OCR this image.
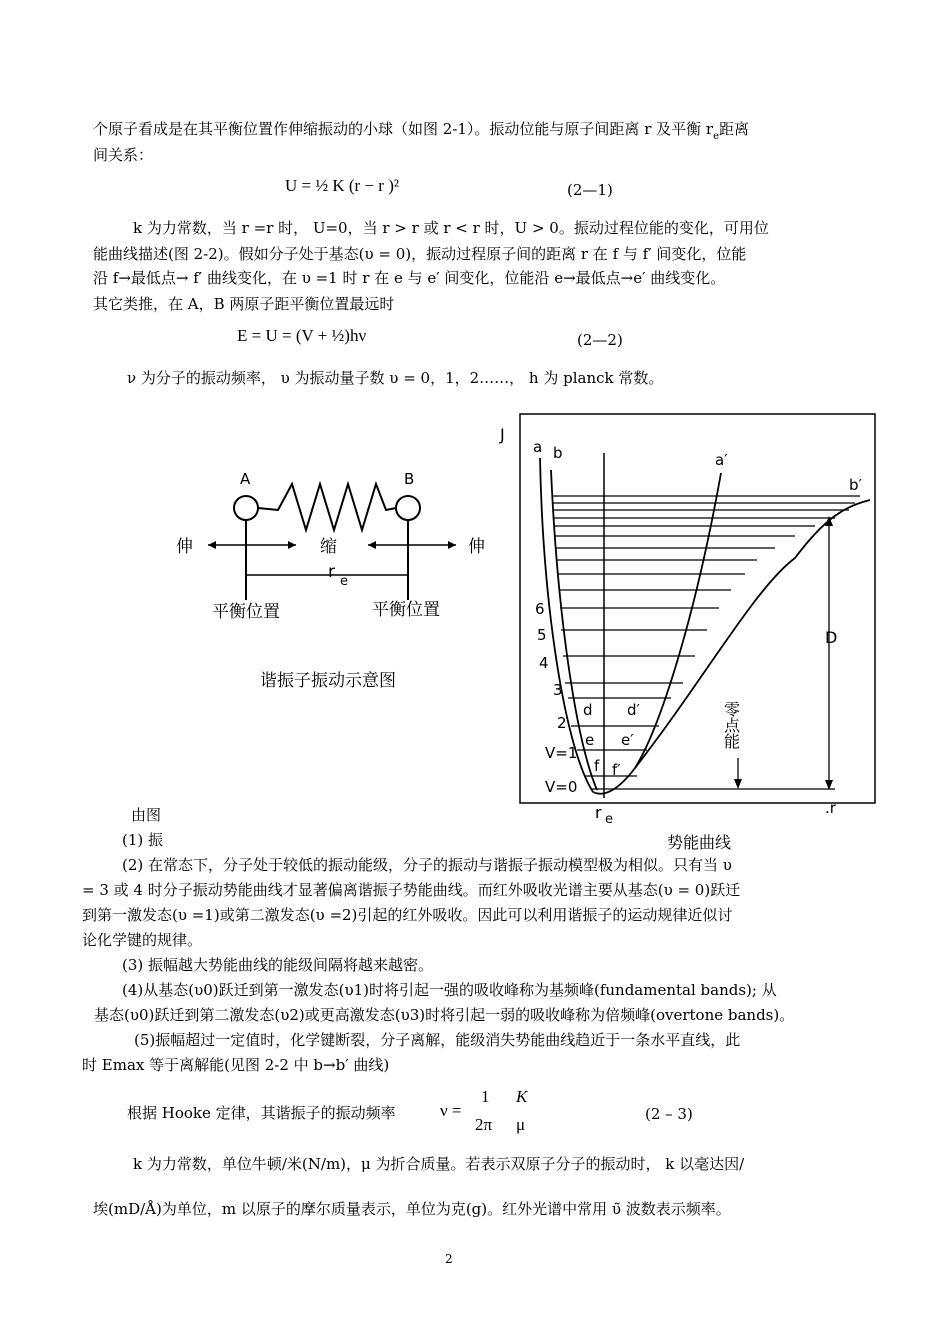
个原子看成是在其平衡位置作伸缩振动的小球（如图 2-1）。振动位能与原子间距离 r 及平衡 $r_e$距离
间关系：
U = ½ K (r − r )²	(2—1)
k 为力常数，当 r =r 时， U=0，当 r > r 或 r < r 时，U > 0。振动过程位能的变化，可用位
能曲线描述(图 2-2)。假如分子处于基态(υ = 0)，振动过程原子间的距离 r 在 f 与 f′ 间变化，位能
沿 f→最低点→ f′ 曲线变化，在 υ =1 时 r 在 e 与 e′ 间变化，位能沿 e→最低点→e′ 曲线变化。
其它类推，在 A，B 两原子距平衡位置最远时
E = U = (V + ½)hν	(2—2)
ν 为分子的振动频率， υ 为振动量子数 υ = 0，1，2……， h 为 planck 常数。
A	B
伸	缩	伸
r e
平衡位置	平衡位置
谐振子振动示意图
J
a b	a′
b′
6
5
4
3
2
V=1
V=0
d d′
e e′
f f′
D
零点能
r e
.r
势能曲线
由图
(1) 振
(2) 在常态下，分子处于较低的振动能级，分子的振动与谐振子振动模型极为相似。只有当 υ
= 3 或 4 时分子振动势能曲线才显著偏离谐振子势能曲线。而红外吸收光谱主要从基态(υ = 0)跃迁
到第一激发态(υ =1)或第二激发态(υ =2)引起的红外吸收。因此可以利用谐振子的运动规律近似讨
论化学键的规律。
(3) 振幅越大势能曲线的能级间隔将越来越密。
(4)从基态(υ0)跃迁到第一激发态(υ1)时将引起一强的吸收峰称为基频峰(fundamental bands); 从
基态(υ0)跃迁到第二激发态(υ2)或更高激发态(υ3)时将引起一弱的吸收峰称为倍频峰(overtone bands)。
(5)振幅超过一定值时，化学键断裂，分子离解，能级消失势能曲线趋近于一条水平直线，此
时 Emax 等于离解能(见图 2-2 中 b→b′ 曲线)
根据 Hooke 定律，其谐振子的振动频率	ν =
1
2π
K
μ
(2 – 3)
k 为力常数，单位牛顿/米(N/m)，μ 为折合质量。若表示双原子分子的振动时， k 以毫达因/
埃(mD/Å)为单位，m 以原子的摩尔质量表示，单位为克(g)。红外光谱中常用 υ̃ 波数表示频率。
2
